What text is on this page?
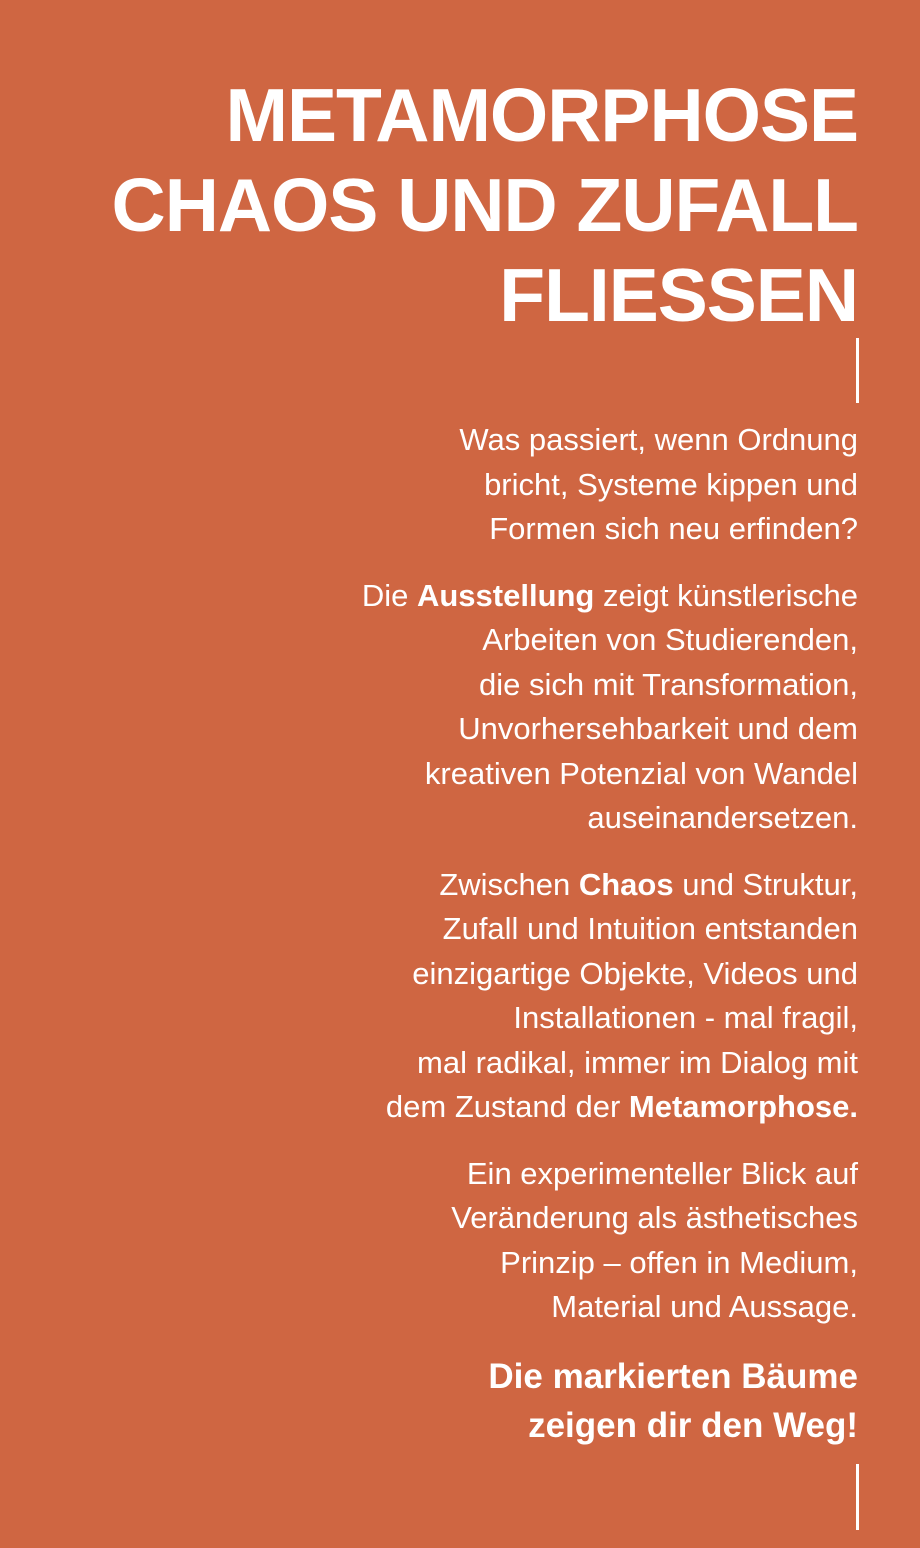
METAMORPHOSE
CHAOS UND ZUFALL
FLIESSEN

Was passiert, wenn Ordnung
bricht, Systeme kippen und
Formen sich neu erfinden?

Die Ausstellung zeigt künstlerische
Arbeiten von Studierenden,
die sich mit Transformation,
Unvorhersehbarkeit und dem
kreativen Potenzial von Wandel
auseinandersetzen.

Zwischen Chaos und Struktur,
Zufall und Intuition entstanden
einzigartige Objekte, Videos und
Installationen - mal fragil,
mal radikal, immer im Dialog mit
dem Zustand der Metamorphose.

Ein experimenteller Blick auf
Veränderung als ästhetisches
Prinzip – offen in Medium,
Material und Aussage.

Die markierten Bäume
zeigen dir den Weg!
